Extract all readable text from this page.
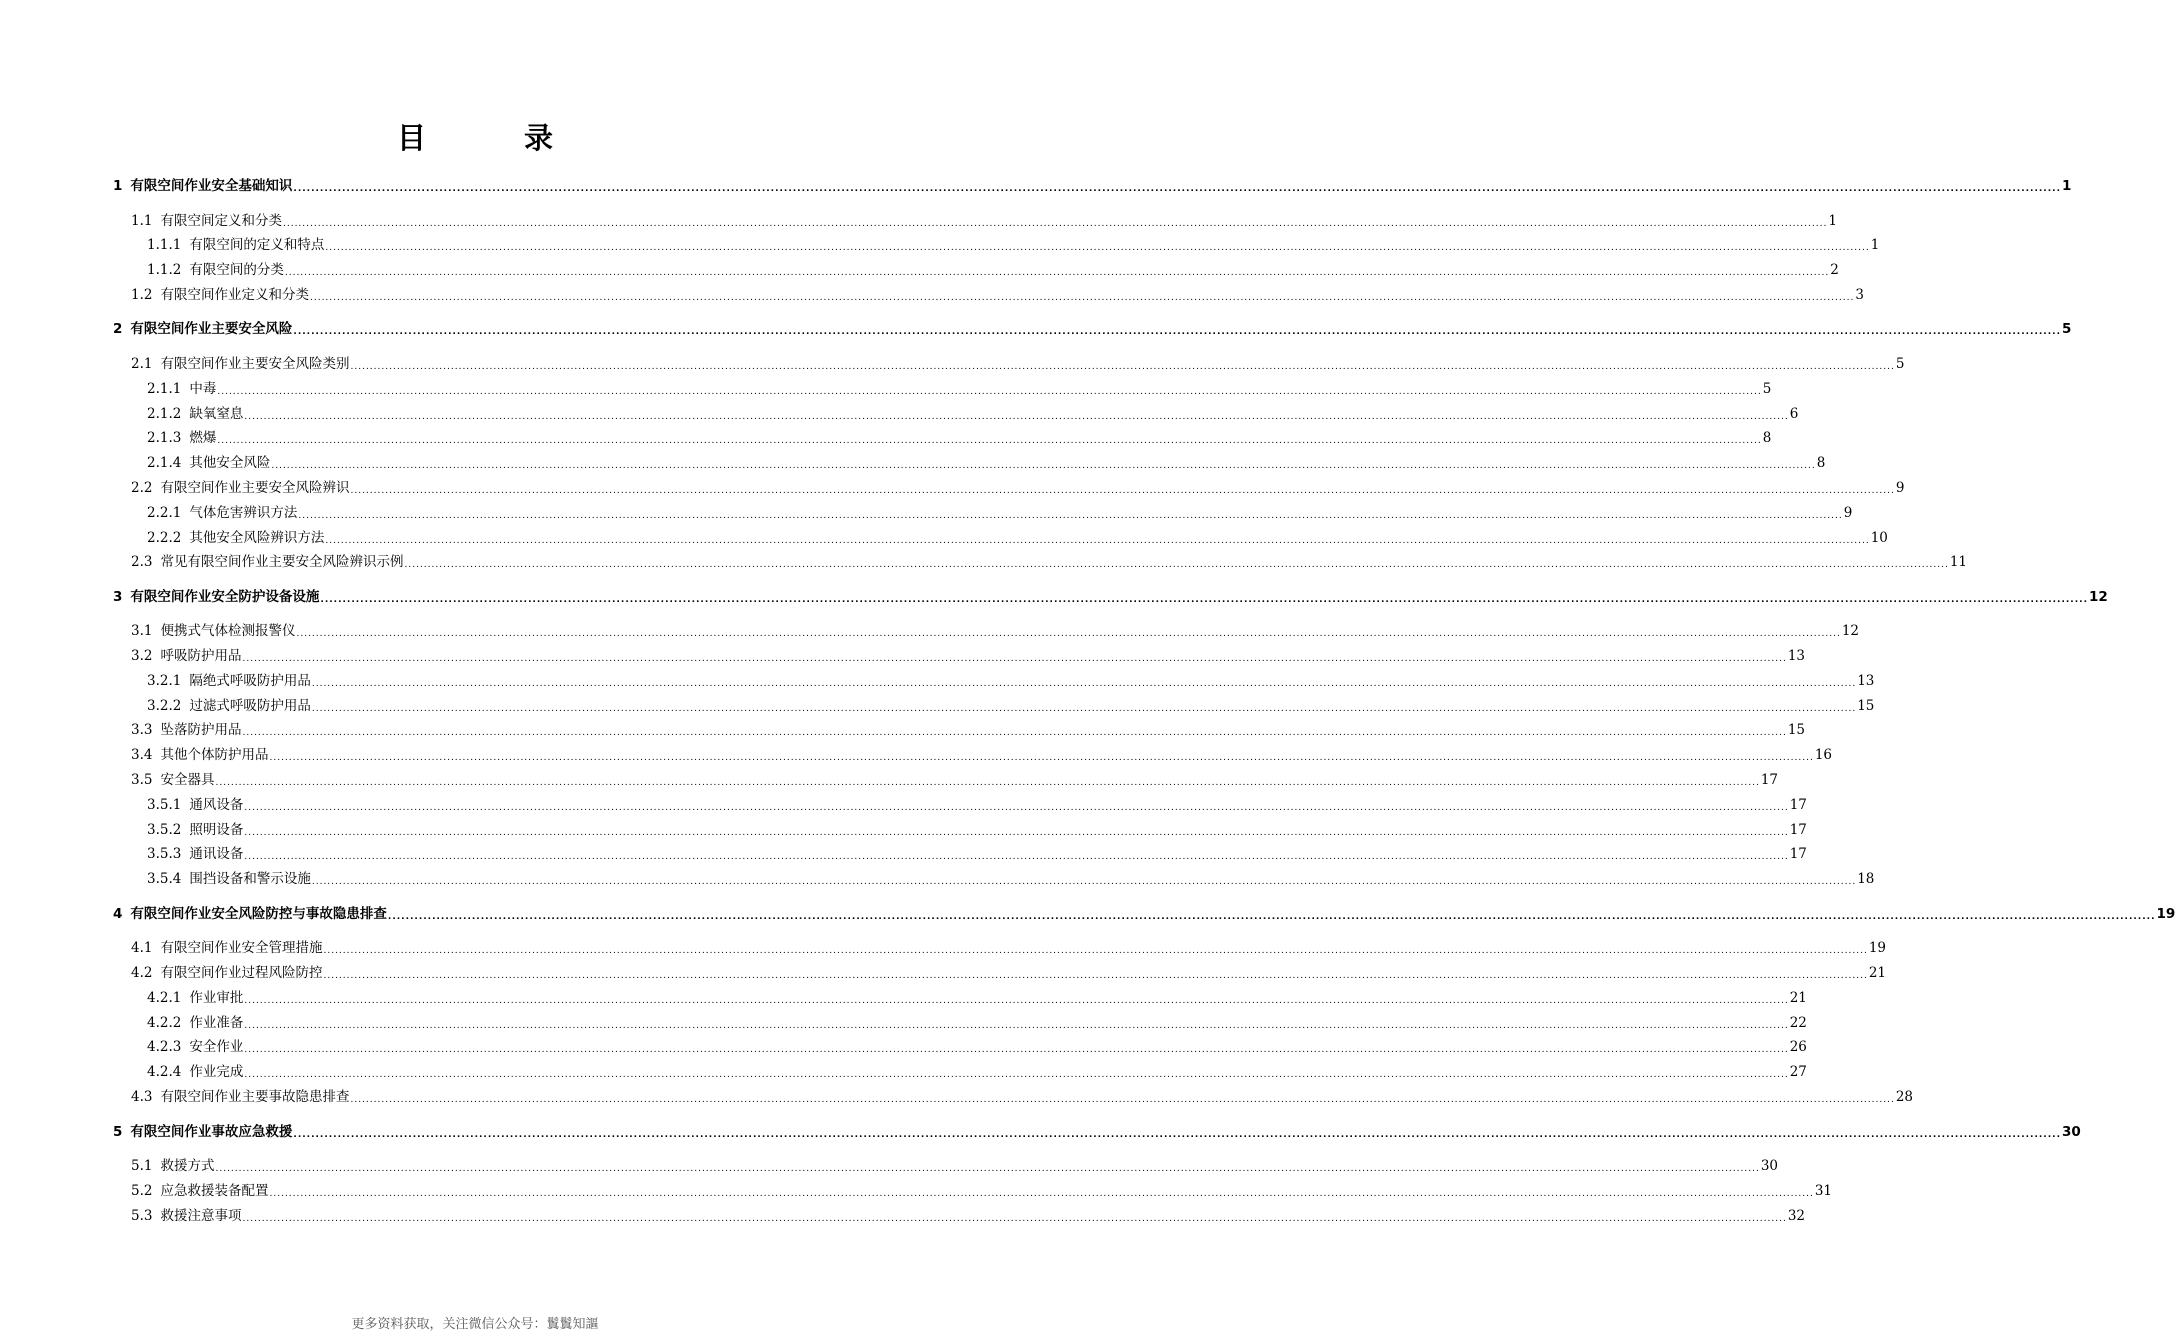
目 录
1 有限空间作业安全基础知识 ................................................................................................................................................................................................................................................................................................................................................................................................................ 1
1.1 有限空间定义和分类 ................................................................................................................................................................................................................................................................................................................................................................................................................ 1
1.1.1 有限空间的定义和特点 ................................................................................................................................................................................................................................................................................................................................................................................................................ 1
1.1.2 有限空间的分类 ................................................................................................................................................................................................................................................................................................................................................................................................................ 2
1.2 有限空间作业定义和分类 ................................................................................................................................................................................................................................................................................................................................................................................................................ 3
2 有限空间作业主要安全风险 ................................................................................................................................................................................................................................................................................................................................................................................................................ 5
2.1 有限空间作业主要安全风险类别 ................................................................................................................................................................................................................................................................................................................................................................................................................ 5
2.1.1 中毒 ................................................................................................................................................................................................................................................................................................................................................................................................................ 5
2.1.2 缺氧窒息 ................................................................................................................................................................................................................................................................................................................................................................................................................ 6
2.1.3 燃爆 ................................................................................................................................................................................................................................................................................................................................................................................................................ 8
2.1.4 其他安全风险 ................................................................................................................................................................................................................................................................................................................................................................................................................ 8
2.2 有限空间作业主要安全风险辨识 ................................................................................................................................................................................................................................................................................................................................................................................................................ 9
2.2.1 气体危害辨识方法 ................................................................................................................................................................................................................................................................................................................................................................................................................ 9
2.2.2 其他安全风险辨识方法 ................................................................................................................................................................................................................................................................................................................................................................................................................ 10
2.3 常见有限空间作业主要安全风险辨识示例 ................................................................................................................................................................................................................................................................................................................................................................................................................ 11
3 有限空间作业安全防护设备设施 ................................................................................................................................................................................................................................................................................................................................................................................................................ 12
3.1 便携式气体检测报警仪 ................................................................................................................................................................................................................................................................................................................................................................................................................ 12
3.2 呼吸防护用品 ................................................................................................................................................................................................................................................................................................................................................................................................................ 13
3.2.1 隔绝式呼吸防护用品 ................................................................................................................................................................................................................................................................................................................................................................................................................ 13
3.2.2 过滤式呼吸防护用品 ................................................................................................................................................................................................................................................................................................................................................................................................................ 15
3.3 坠落防护用品 ................................................................................................................................................................................................................................................................................................................................................................................................................ 15
3.4 其他个体防护用品 ................................................................................................................................................................................................................................................................................................................................................................................................................ 16
3.5 安全器具 ................................................................................................................................................................................................................................................................................................................................................................................................................ 17
3.5.1 通风设备 ................................................................................................................................................................................................................................................................................................................................................................................................................ 17
3.5.2 照明设备 ................................................................................................................................................................................................................................................................................................................................................................................................................ 17
3.5.3 通讯设备 ................................................................................................................................................................................................................................................................................................................................................................................................................ 17
3.5.4 围挡设备和警示设施 ................................................................................................................................................................................................................................................................................................................................................................................................................ 18
4 有限空间作业安全风险防控与事故隐患排查 ................................................................................................................................................................................................................................................................................................................................................................................................................ 19
4.1 有限空间作业安全管理措施 ................................................................................................................................................................................................................................................................................................................................................................................................................ 19
4.2 有限空间作业过程风险防控 ................................................................................................................................................................................................................................................................................................................................................................................................................ 21
4.2.1 作业审批 ................................................................................................................................................................................................................................................................................................................................................................................................................ 21
4.2.2 作业准备 ................................................................................................................................................................................................................................................................................................................................................................................................................ 22
4.2.3 安全作业 ................................................................................................................................................................................................................................................................................................................................................................................................................ 26
4.2.4 作业完成 ................................................................................................................................................................................................................................................................................................................................................................................................................ 27
4.3 有限空间作业主要事故隐患排查 ................................................................................................................................................................................................................................................................................................................................................................................................................ 28
5 有限空间作业事故应急救援 ................................................................................................................................................................................................................................................................................................................................................................................................................ 30
5.1 救援方式 ................................................................................................................................................................................................................................................................................................................................................................................................................ 30
5.2 应急救援装备配置 ................................................................................................................................................................................................................................................................................................................................................................................................................ 31
5.3 救援注意事项 ................................................................................................................................................................................................................................................................................................................................................................................................................ 32
更多资料获取，关注微信公众号：鬒鬒知謳
